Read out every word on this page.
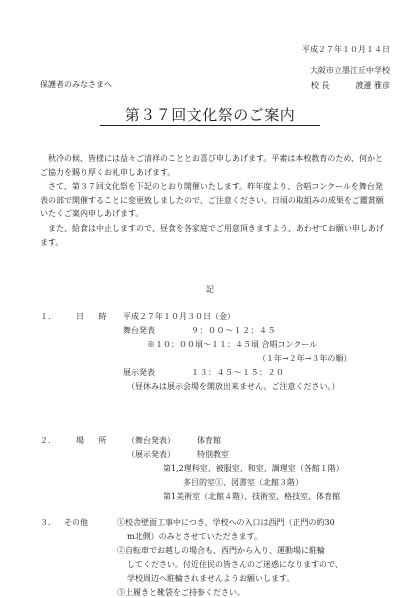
平成２７年１０月１４日
大阪市立墨江丘中学校
校 長	渡邊 雅彦
保護者のみなさまへ
第３７回文化祭のご案内
秋冷の候、皆様には益々ご清祥のこととお喜び申しあげます。平素は本校教育のため、何かとご協力を賜り厚くお礼申しあげます。
さて、第３７回文化祭を下記のとおり開催いたします。昨年度より、合唱コンクールを舞台発表の部で開催することに変更致しましたので、ご注意ください。日頃の取組みの成果をご鑑賞願いたくご案内申しあげます。
また、給食は中止しますので、昼食を各家庭でご用意頂きますよう、あわせてお願い申しあげます。
記
１．	日 時 平成２７年１０月３０日（金）
舞台発表	９：００～１２：４５
※１０：００頃～１１：４５頃 合唱コンクール
（１年→２年→３年の順）
展示発表	１３：４５～１５：２０
（昼休みは展示会場を開放出来ません。ご注意ください。）
２．	場 所 （舞台発表）	体育館
（展示発表）	特別教室
第1,2理科室、被服室、和室、調理室（各館１階）
多目的室①、図書室（北館３階）
第1美術室（北館４階）、技術室、格技室、体育館
３． その他	①校舎壁面工事中につき、学校への入口は西門（正門の約30
m北側）のみとさせていただきます。
②自転車でお越しの場合も、西門から入り、運動場に駐輪
してください。付近住民の皆さんのご迷惑になりますので、
学校周辺へ駐輪されませんようお願いします。
③上履きと靴袋をご持参ください。
